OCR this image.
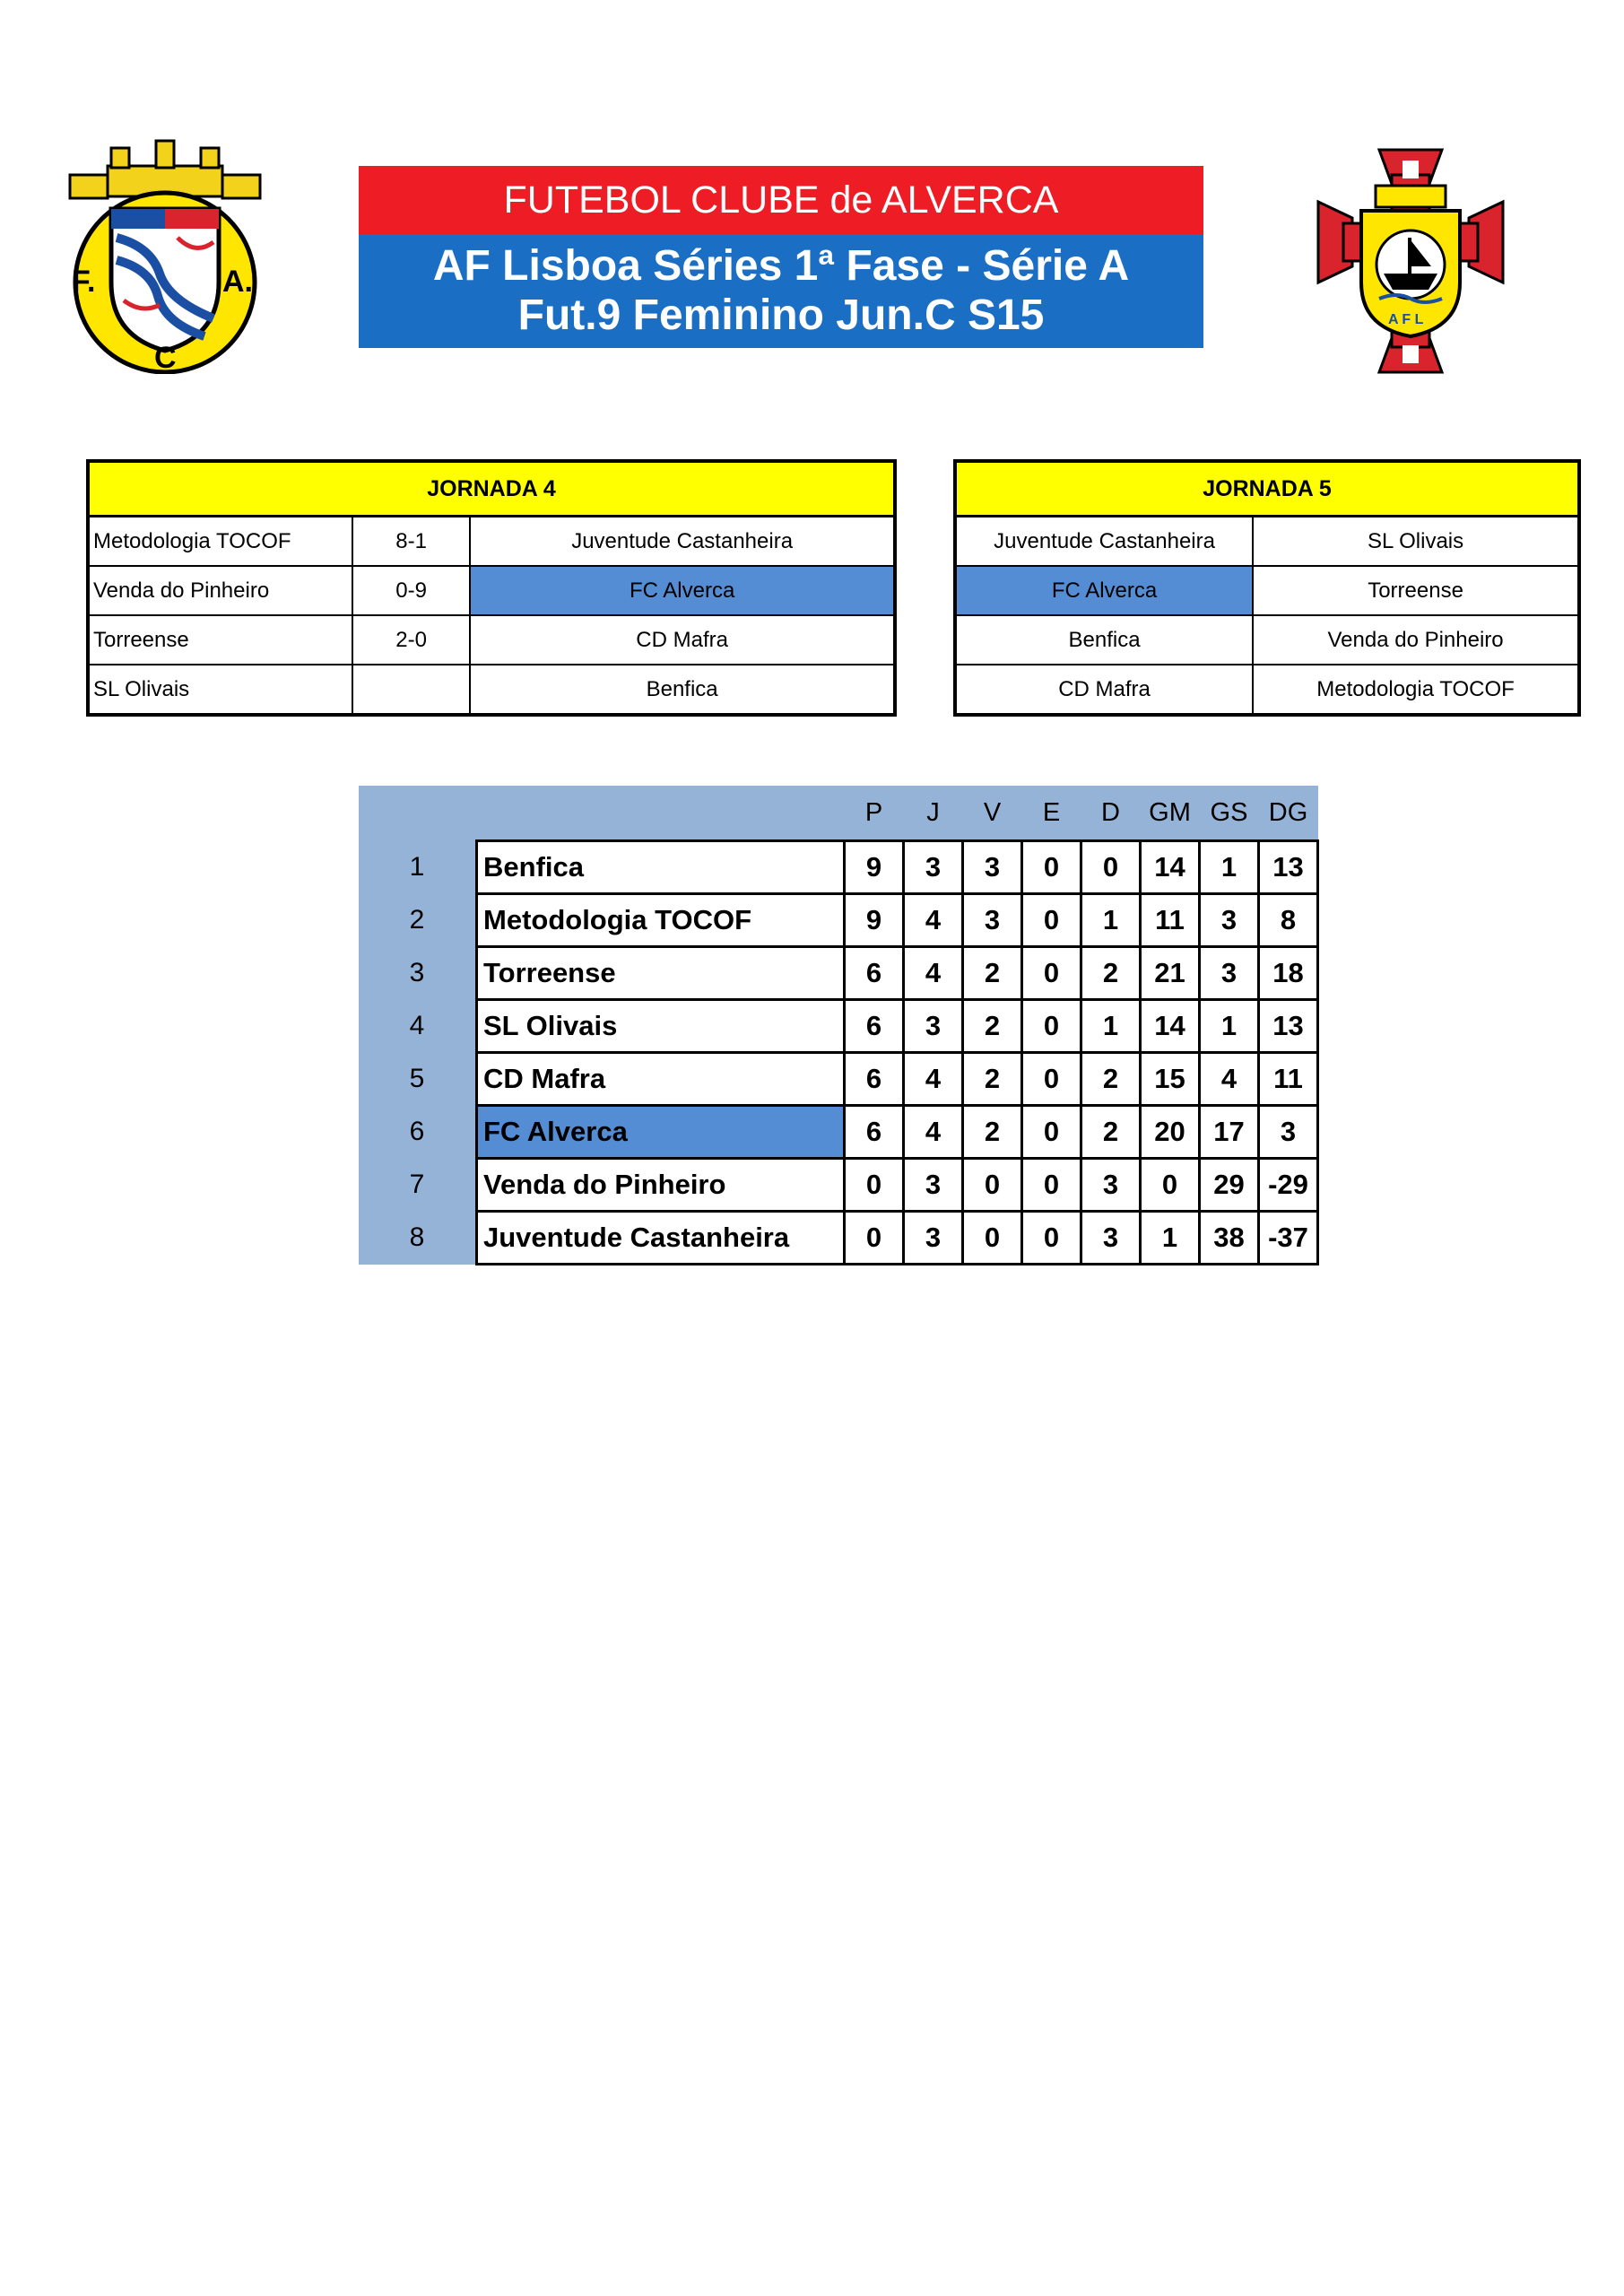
F.	A.
C
FUTEBOL CLUBE de ALVERCA
AF Lisboa Séries 1ª Fase - Série A
Fut.9 Feminino Jun.C S15	A F L
JORNADA 4		
Metodologia TOCOF	8-1	Juventude Castanheira
Venda do Pinheiro	0-9	FC Alverca
Torreense	2-0	CD Mafra
SL Olivais		Benfica
JORNADA 5	
Juventude Castanheira	SL Olivais
FC Alverca	Torreense
Benfica	Venda do Pinheiro
CD Mafra	Metodologia TOCOF
		P	J	V	E	D	GM	GS	DG
1	Benfica	9	3	3	0	0	14	1	13
2	Metodologia TOCOF	9	4	3	0	1	11	3	8
3	Torreense	6	4	2	0	2	21	3	18
4	SL Olivais	6	3	2	0	1	14	1	13
5	CD Mafra	6	4	2	0	2	15	4	11
6	FC Alverca	6	4	2	0	2	20	17	3
7	Venda do Pinheiro	0	3	0	0	3	0	29	-29
8	Juventude Castanheira	0	3	0	0	3	1	38	-37
